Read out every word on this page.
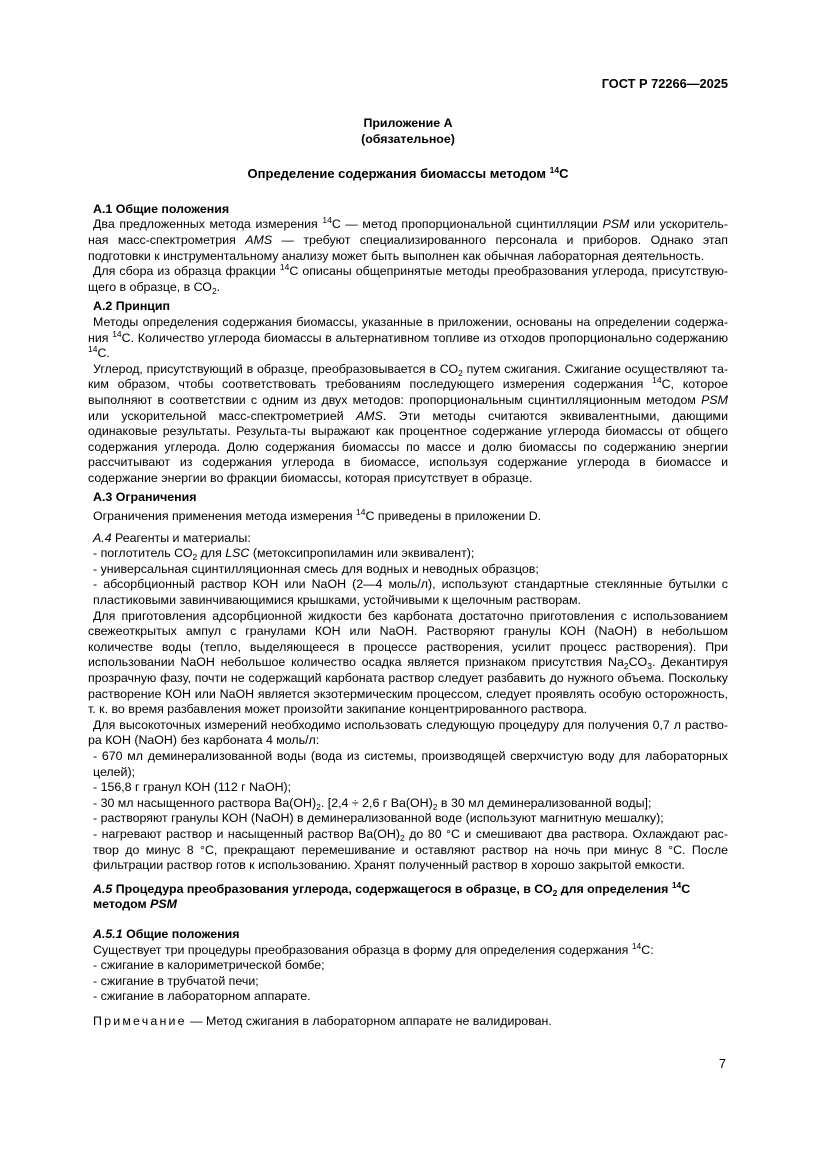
ГОСТ Р 72266—2025

Приложение А

(обязательное)

Определение содержания биомассы методом $^{14}$С

А.1 Общие положения

Два предложенных метода измерения $^{14}$С — метод пропорциональной сцинтилляции PSM или ускоритель-ная масс-спектрометрия AMS — требуют специализированного персонала и приборов. Однако этап подготовки к инструментальному анализу может быть выполнен как обычная лабораторная деятельность.

Для сбора из образца фракции $^{14}$С описаны общепринятые методы преобразования углерода, присутствую-щего в образце, в $СО_2$.

А.2 Принцип

Методы определения содержания биомассы, указанные в приложении, основаны на определении содержа-ния $^{14}$С. Количество углерода биомассы в альтернативном топливе из отходов пропорционально содержанию $^{14}$С.

Углерод, присутствующий в образце, преобразовывается в $СО_2$ путем сжигания. Сжигание осуществляют та-ким образом, чтобы соответствовать требованиям последующего измерения содержания $^{14}$С, которое выполняют в соответствии с одним из двух методов: пропорциональным сцинтилляционным методом PSM или ускорительной масс-спектрометрией AMS. Эти методы считаются эквивалентными, дающими одинаковые результаты. Результа-ты выражают как процентное содержание углерода биомассы от общего содержания углерода. Долю содержания биомассы по массе и долю биомассы по содержанию энергии рассчитывают из содержания углерода в биомассе, используя содержание углерода в биомассе и содержание энергии во фракции биомассы, которая присутствует в образце.

А.3 Ограничения

Ограничения применения метода измерения $^{14}$С приведены в приложении D.

А.4 Реагенты и материалы:

- поглотитель $СО_2$ для LSC (метоксипропиламин или эквивалент);

- универсальная сцинтилляционная смесь для водных и неводных образцов;

- абсорбционный раствор КОН или NaOH (2—4 моль/л), используют стандартные стеклянные бутылки с пластиковыми завинчивающимися крышками, устойчивыми к щелочным растворам.

Для приготовления адсорбционной жидкости без карбоната достаточно приготовления с использованием свежеоткрытых ампул с гранулами КОН или NaOH. Растворяют гранулы КОН (NaOH) в небольшом количестве воды (тепло, выделяющееся в процессе растворения, усилит процесс растворения). При использовании NaOH небольшое количество осадка является признаком присутствия $Na_2CO_3$. Декантируя прозрачную фазу, почти не содержащий карбоната раствор следует разбавить до нужного объема. Поскольку растворение КОН или NaOH является экзотермическим процессом, следует проявлять особую осторожность, т. к. во время разбавления может произойти закипание концентрированного раствора.

Для высокоточных измерений необходимо использовать следующую процедуру для получения 0,7 л раство-ра КОН (NaOH) без карбоната 4 моль/л:

- 670 мл деминерализованной воды (вода из системы, производящей сверхчистую воду для лабораторных целей);

- 156,8 г гранул КОН (112 г NaOH);

- 30 мл насыщенного раствора $Ba(OH)_2$. [2,4 ÷ 2,6 г $Ba(OH)_2$ в 30 мл деминерализованной воды];

- растворяют гранулы КОН (NaOH) в деминерализованной воде (используют магнитную мешалку);

- нагревают раствор и насыщенный раствор $Ba(OH)_2$ до 80 °С и смешивают два раствора. Охлаждают рас-твор до минус 8 °С, прекращают перемешивание и оставляют раствор на ночь при минус 8 °С. После фильтрации раствор готов к использованию. Хранят полученный раствор в хорошо закрытой емкости.

А.5 Процедура преобразования углерода, содержащегося в образце, в $СО_2$ для определения $^{14}$С методом PSM

А.5.1 Общие положения

Существует три процедуры преобразования образца в форму для определения содержания $^{14}$С:

- сжигание в калориметрической бомбе;

- сжигание в трубчатой печи;

- сжигание в лабораторном аппарате.

Примечание — Метод сжигания в лабораторном аппарате не валидирован.

7
